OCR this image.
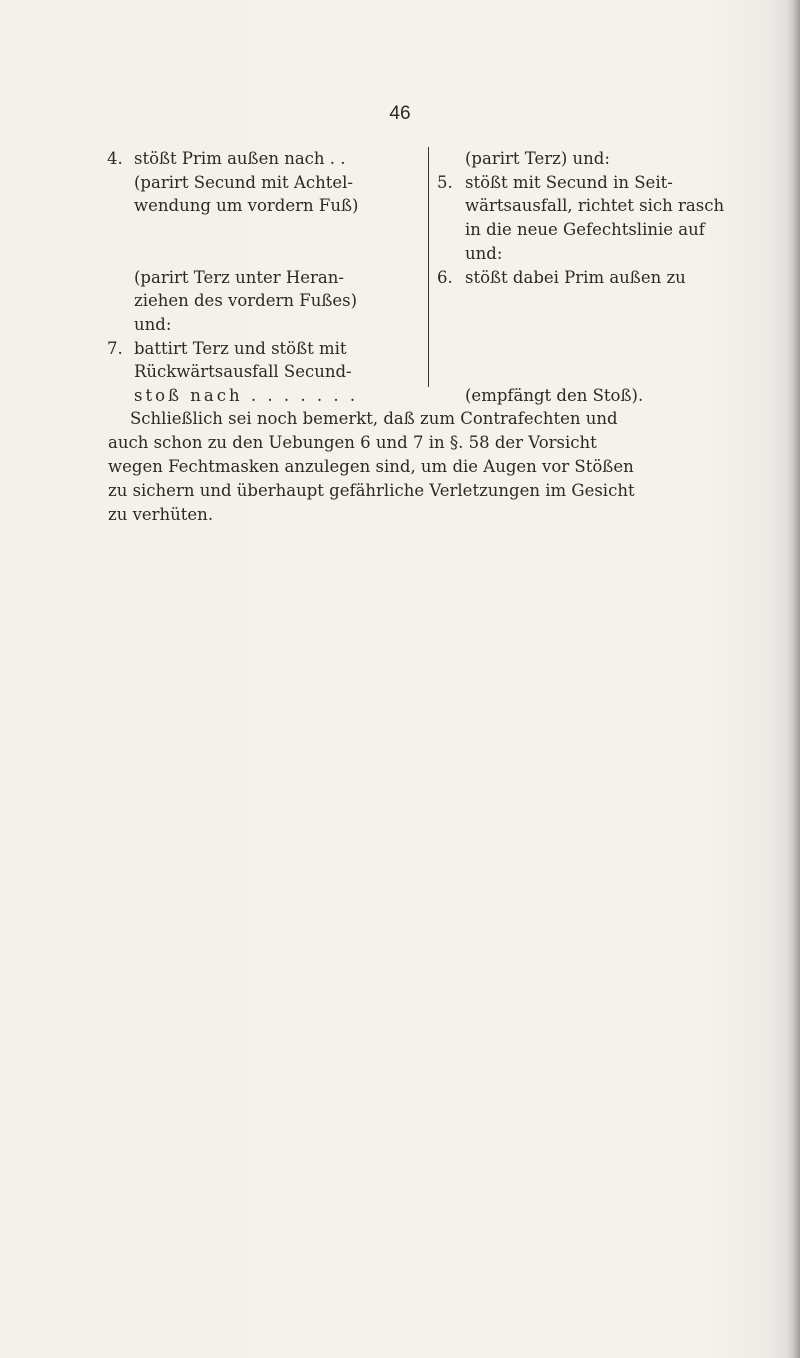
46
4. stößt Prim außen nach . .
(parirt Secund mit Achtel-
wendung um vordern Fuß)
(parirt Terz unter Heran-
ziehen des vordern Fußes)
und:
7. battirt Terz und stößt mit
Rückwärtsausfall Secund-
stoß nach . . . . . . .
(parirt Terz) und:
5. stößt mit Secund in Seit-
wärtsausfall, richtet sich rasch
in die neue Gefechtslinie auf
und:
6. stößt dabei Prim außen zu
(empfängt den Stoß).
Schließlich sei noch bemerkt, daß zum Contrafechten und
auch schon zu den Uebungen 6 und 7 in §. 58 der Vorsicht
wegen Fechtmasken anzulegen sind, um die Augen vor Stößen
zu sichern und überhaupt gefährliche Verletzungen im Gesicht
zu verhüten.
